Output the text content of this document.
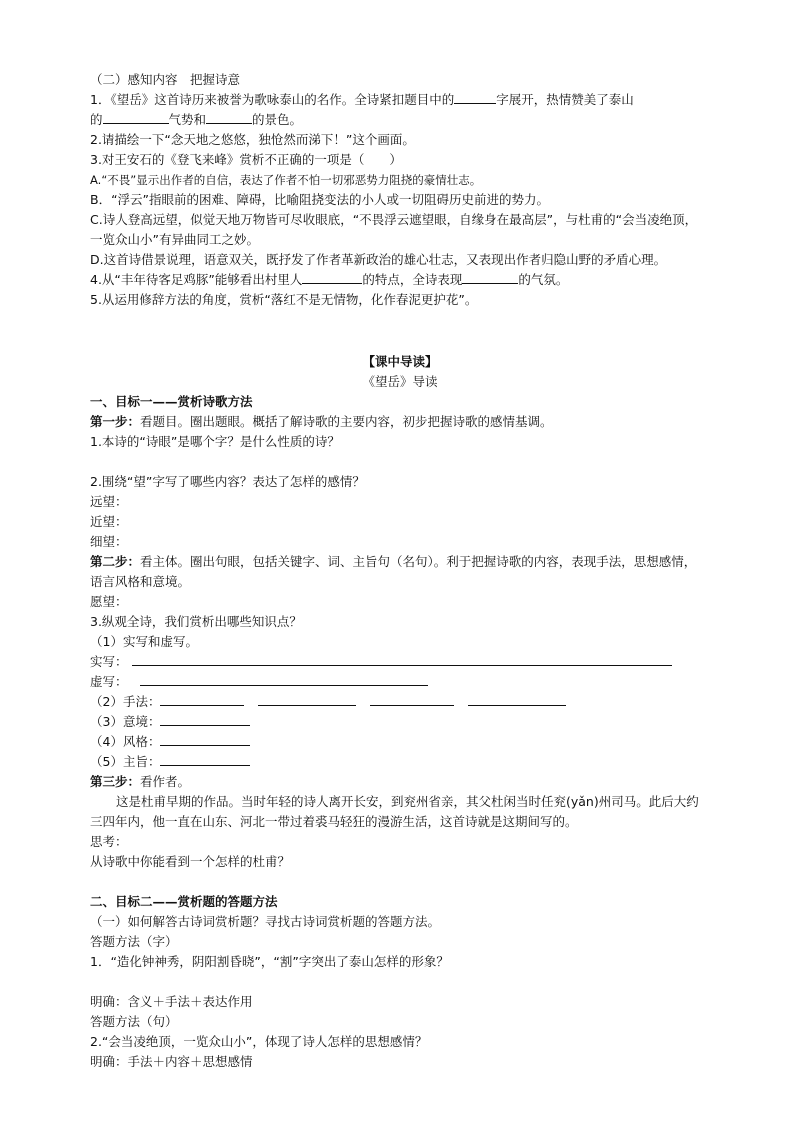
（二）感知内容　把握诗意
1．《望岳》这首诗历来被誉为歌咏泰山的名作。全诗紧扣题目中的	字展开，热情赞美了泰山
的	气势和	的景色。
2.请描绘一下“念天地之悠悠，独怆然而涕下！”这个画面。
3.对王安石的《登飞来峰》赏析不正确的一项是（　　）
A.“不畏”显示出作者的自信，表达了作者不怕一切邪恶势力阻挠的豪情壮志。
B．“浮云”指眼前的困难、障碍，比喻阻挠变法的小人或一切阻碍历史前进的势力。
C.诗人登高远望，似觉天地万物皆可尽收眼底，“不畏浮云遮望眼，自缘身在最高层”，与杜甫的“会当凌绝顶，一览众山小”有异曲同工之妙。
D.这首诗借景说理，语意双关，既抒发了作者革新政治的雄心壮志，又表现出作者归隐山野的矛盾心理。
4.从“丰年待客足鸡豚”能够看出村里人	的特点，全诗表现	的气氛。
5.从运用修辞方法的角度，赏析“落红不是无情物，化作春泥更护花”。
【课中导读】
《望岳》导读
一、目标一——赏析诗歌方法
第一步：看题目。圈出题眼。概括了解诗歌的主要内容，初步把握诗歌的感情基调。
1.本诗的“诗眼”是哪个字？是什么性质的诗？
2.围绕“望”字写了哪些内容？表达了怎样的感情？
远望：
近望：
细望：
第二步：看主体。圈出句眼，包括关键字、词、主旨句（名句）。利于把握诗歌的内容，表现手法，思想感情，语言风格和意境。
愿望：
3.纵观全诗，我们赏析出哪些知识点？
（1）实写和虚写。
实写：
虚写：
（2）手法：
（3）意境：
（4）风格：
（5）主旨：
第三步：看作者。
这是杜甫早期的作品。当时年轻的诗人离开长安，到兖州省亲，其父杜闲当时任兖(yǎn)州司马。此后大约三四年内，他一直在山东、河北一带过着裘马轻狂的漫游生活，这首诗就是这期间写的。
思考：
从诗歌中你能看到一个怎样的杜甫？
二、目标二——赏析题的答题方法
（一）如何解答古诗词赏析题？寻找古诗词赏析题的答题方法。
答题方法（字）
1．“造化钟神秀，阴阳割昏晓”，“割”字突出了泰山怎样的形象？
明确：含义＋手法＋表达作用
答题方法（句）
2.“会当凌绝顶，一览众山小”，体现了诗人怎样的思想感情？
明确：手法＋内容＋思想感情
